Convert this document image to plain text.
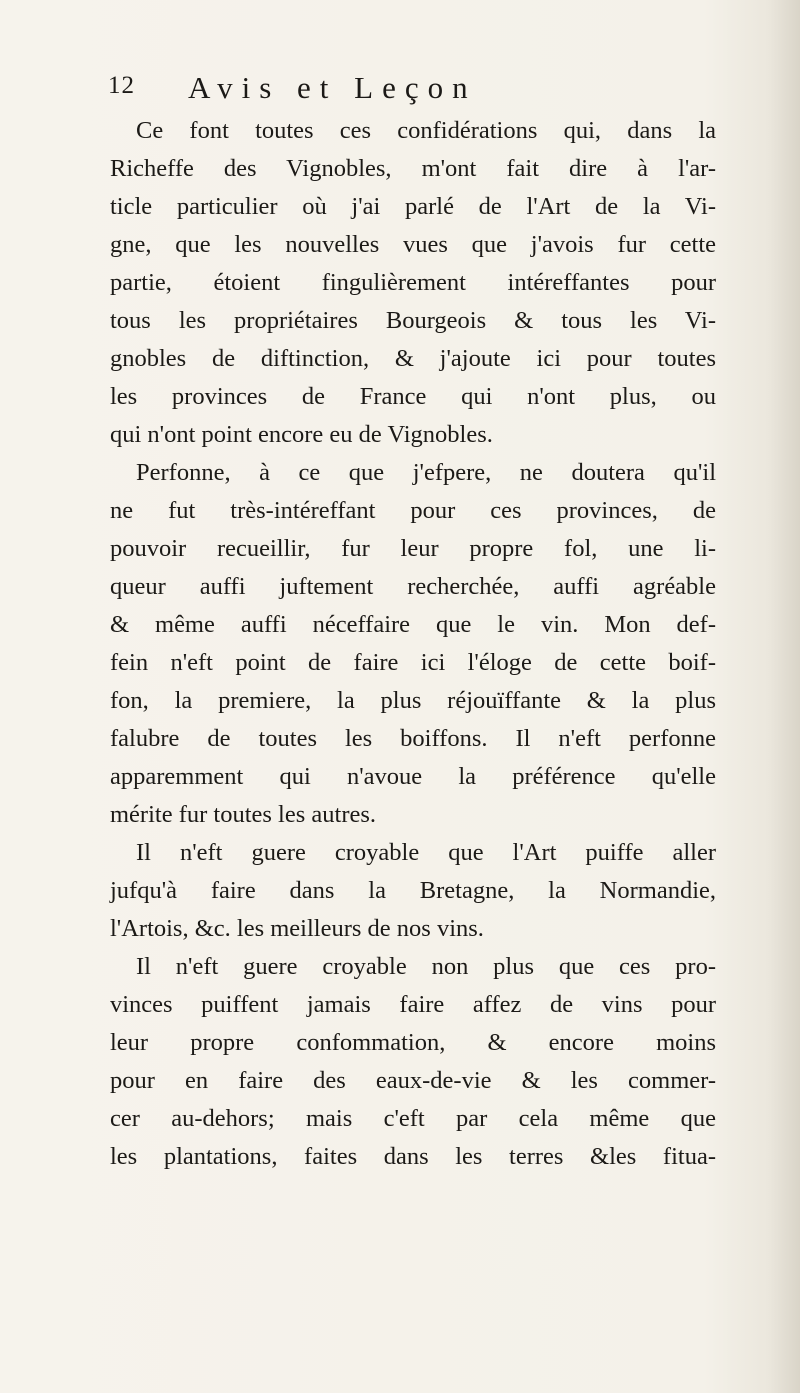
12 Avis et Leçon
Ce font toutes ces confidérations qui, dans la
Richeffe des Vignobles, m'ont fait dire à l'ar-
ticle particulier où j'ai parlé de l'Art de la Vi-
gne, que les nouvelles vues que j'avois fur cette
partie, étoient fingulièrement intéreffantes pour
tous les propriétaires Bourgeois & tous les Vi-
gnobles de diftinction, & j'ajoute ici pour toutes
les provinces de France qui n'ont plus, ou
qui n'ont point encore eu de Vignobles.
Perfonne, à ce que j'efpere, ne doutera qu'il
ne fut très-intéreffant pour ces provinces, de
pouvoir recueillir, fur leur propre fol, une li-
queur auffi juftement recherchée, auffi agréable
& même auffi néceffaire que le vin. Mon def-
fein n'eft point de faire ici l'éloge de cette boif-
fon, la premiere, la plus réjouïffante & la plus
falubre de toutes les boiffons. Il n'eft perfonne
apparemment qui n'avoue la préférence qu'elle
mérite fur toutes les autres.
Il n'eft guere croyable que l'Art puiffe aller
jufqu'à faire dans la Bretagne, la Normandie,
l'Artois, &c. les meilleurs de nos vins.
Il n'eft guere croyable non plus que ces pro-
vinces puiffent jamais faire affez de vins pour
leur propre confommation, & encore moins
pour en faire des eaux-de-vie & les commer-
cer au-dehors; mais c'eft par cela même que
les plantations, faites dans les terres &les fitua-
